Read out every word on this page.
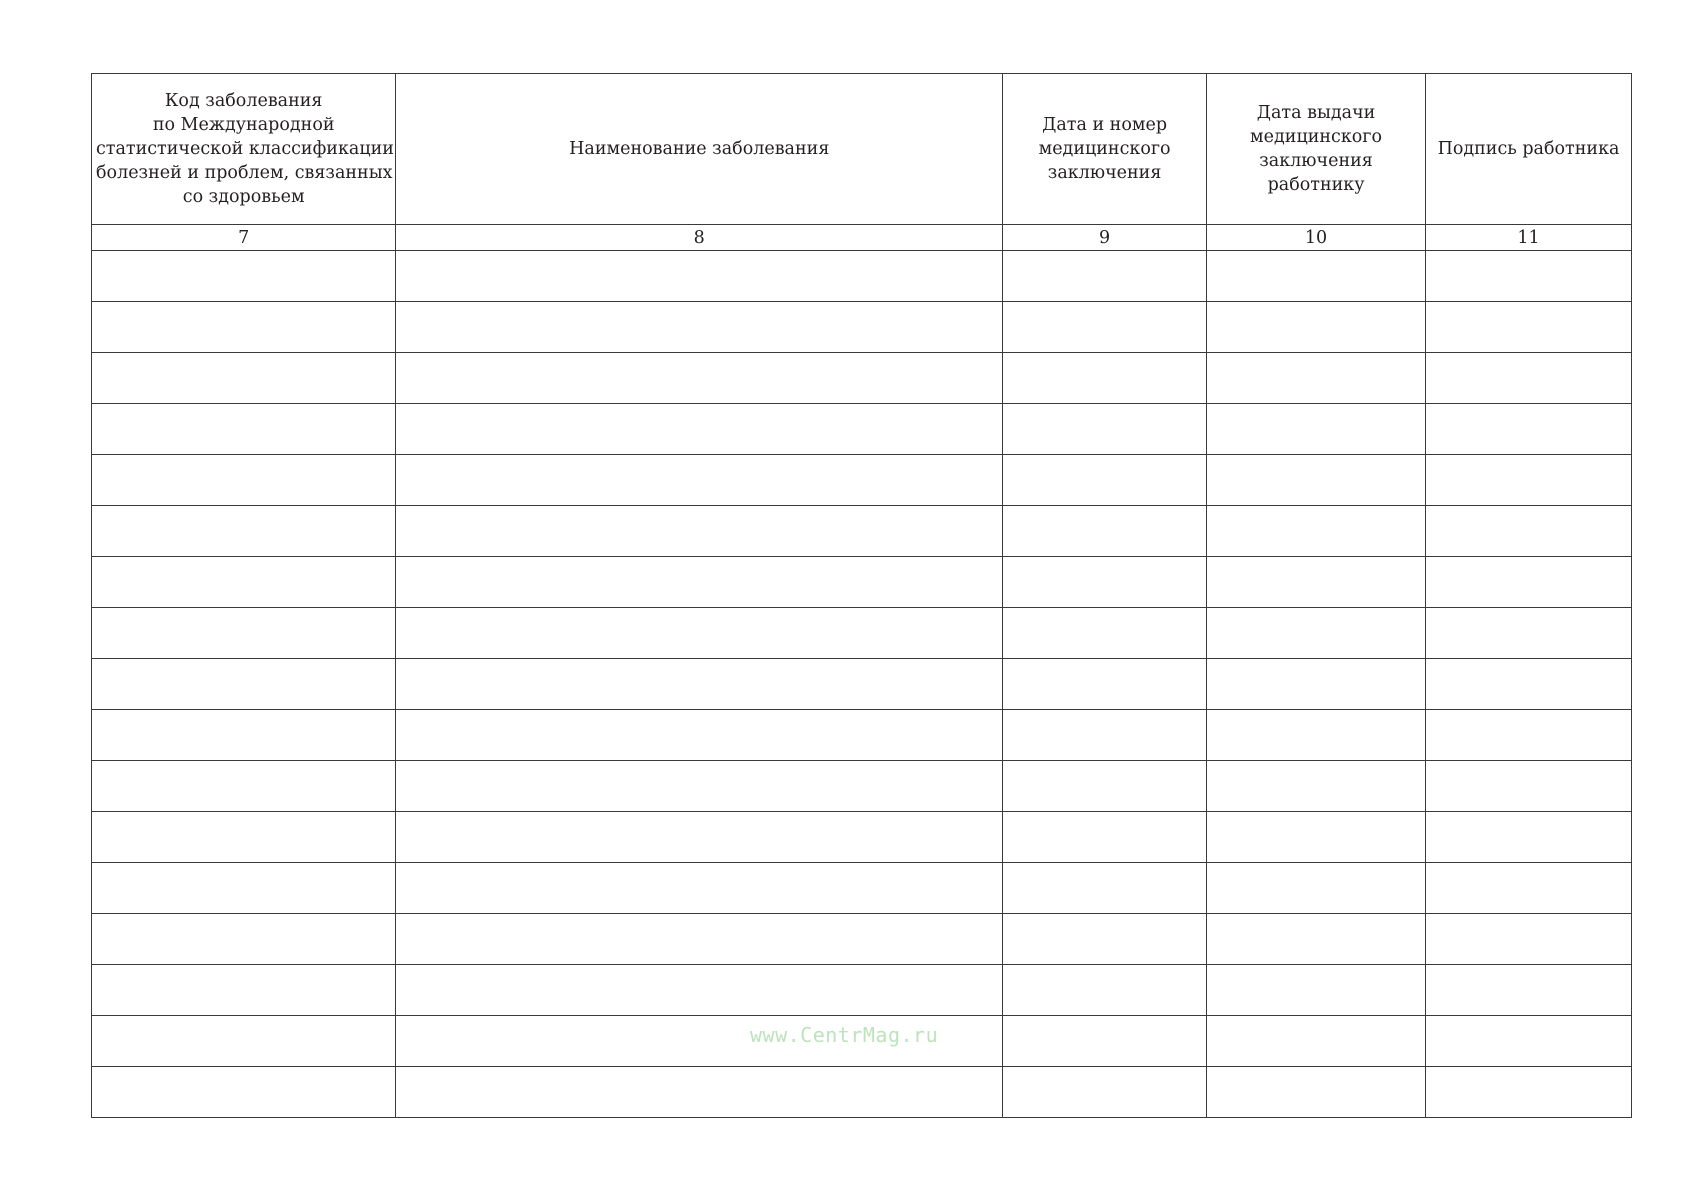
Код заболевания
по Международной
статистической классификации
болезней и проблем, связанных
со здоровьем	Наименование заболевания	Дата и номер
медицинского
заключения	Дата выдачи
медицинского
заключения
работнику	Подпись работника

7	8	9	10	11

www.CentrMag.ru
